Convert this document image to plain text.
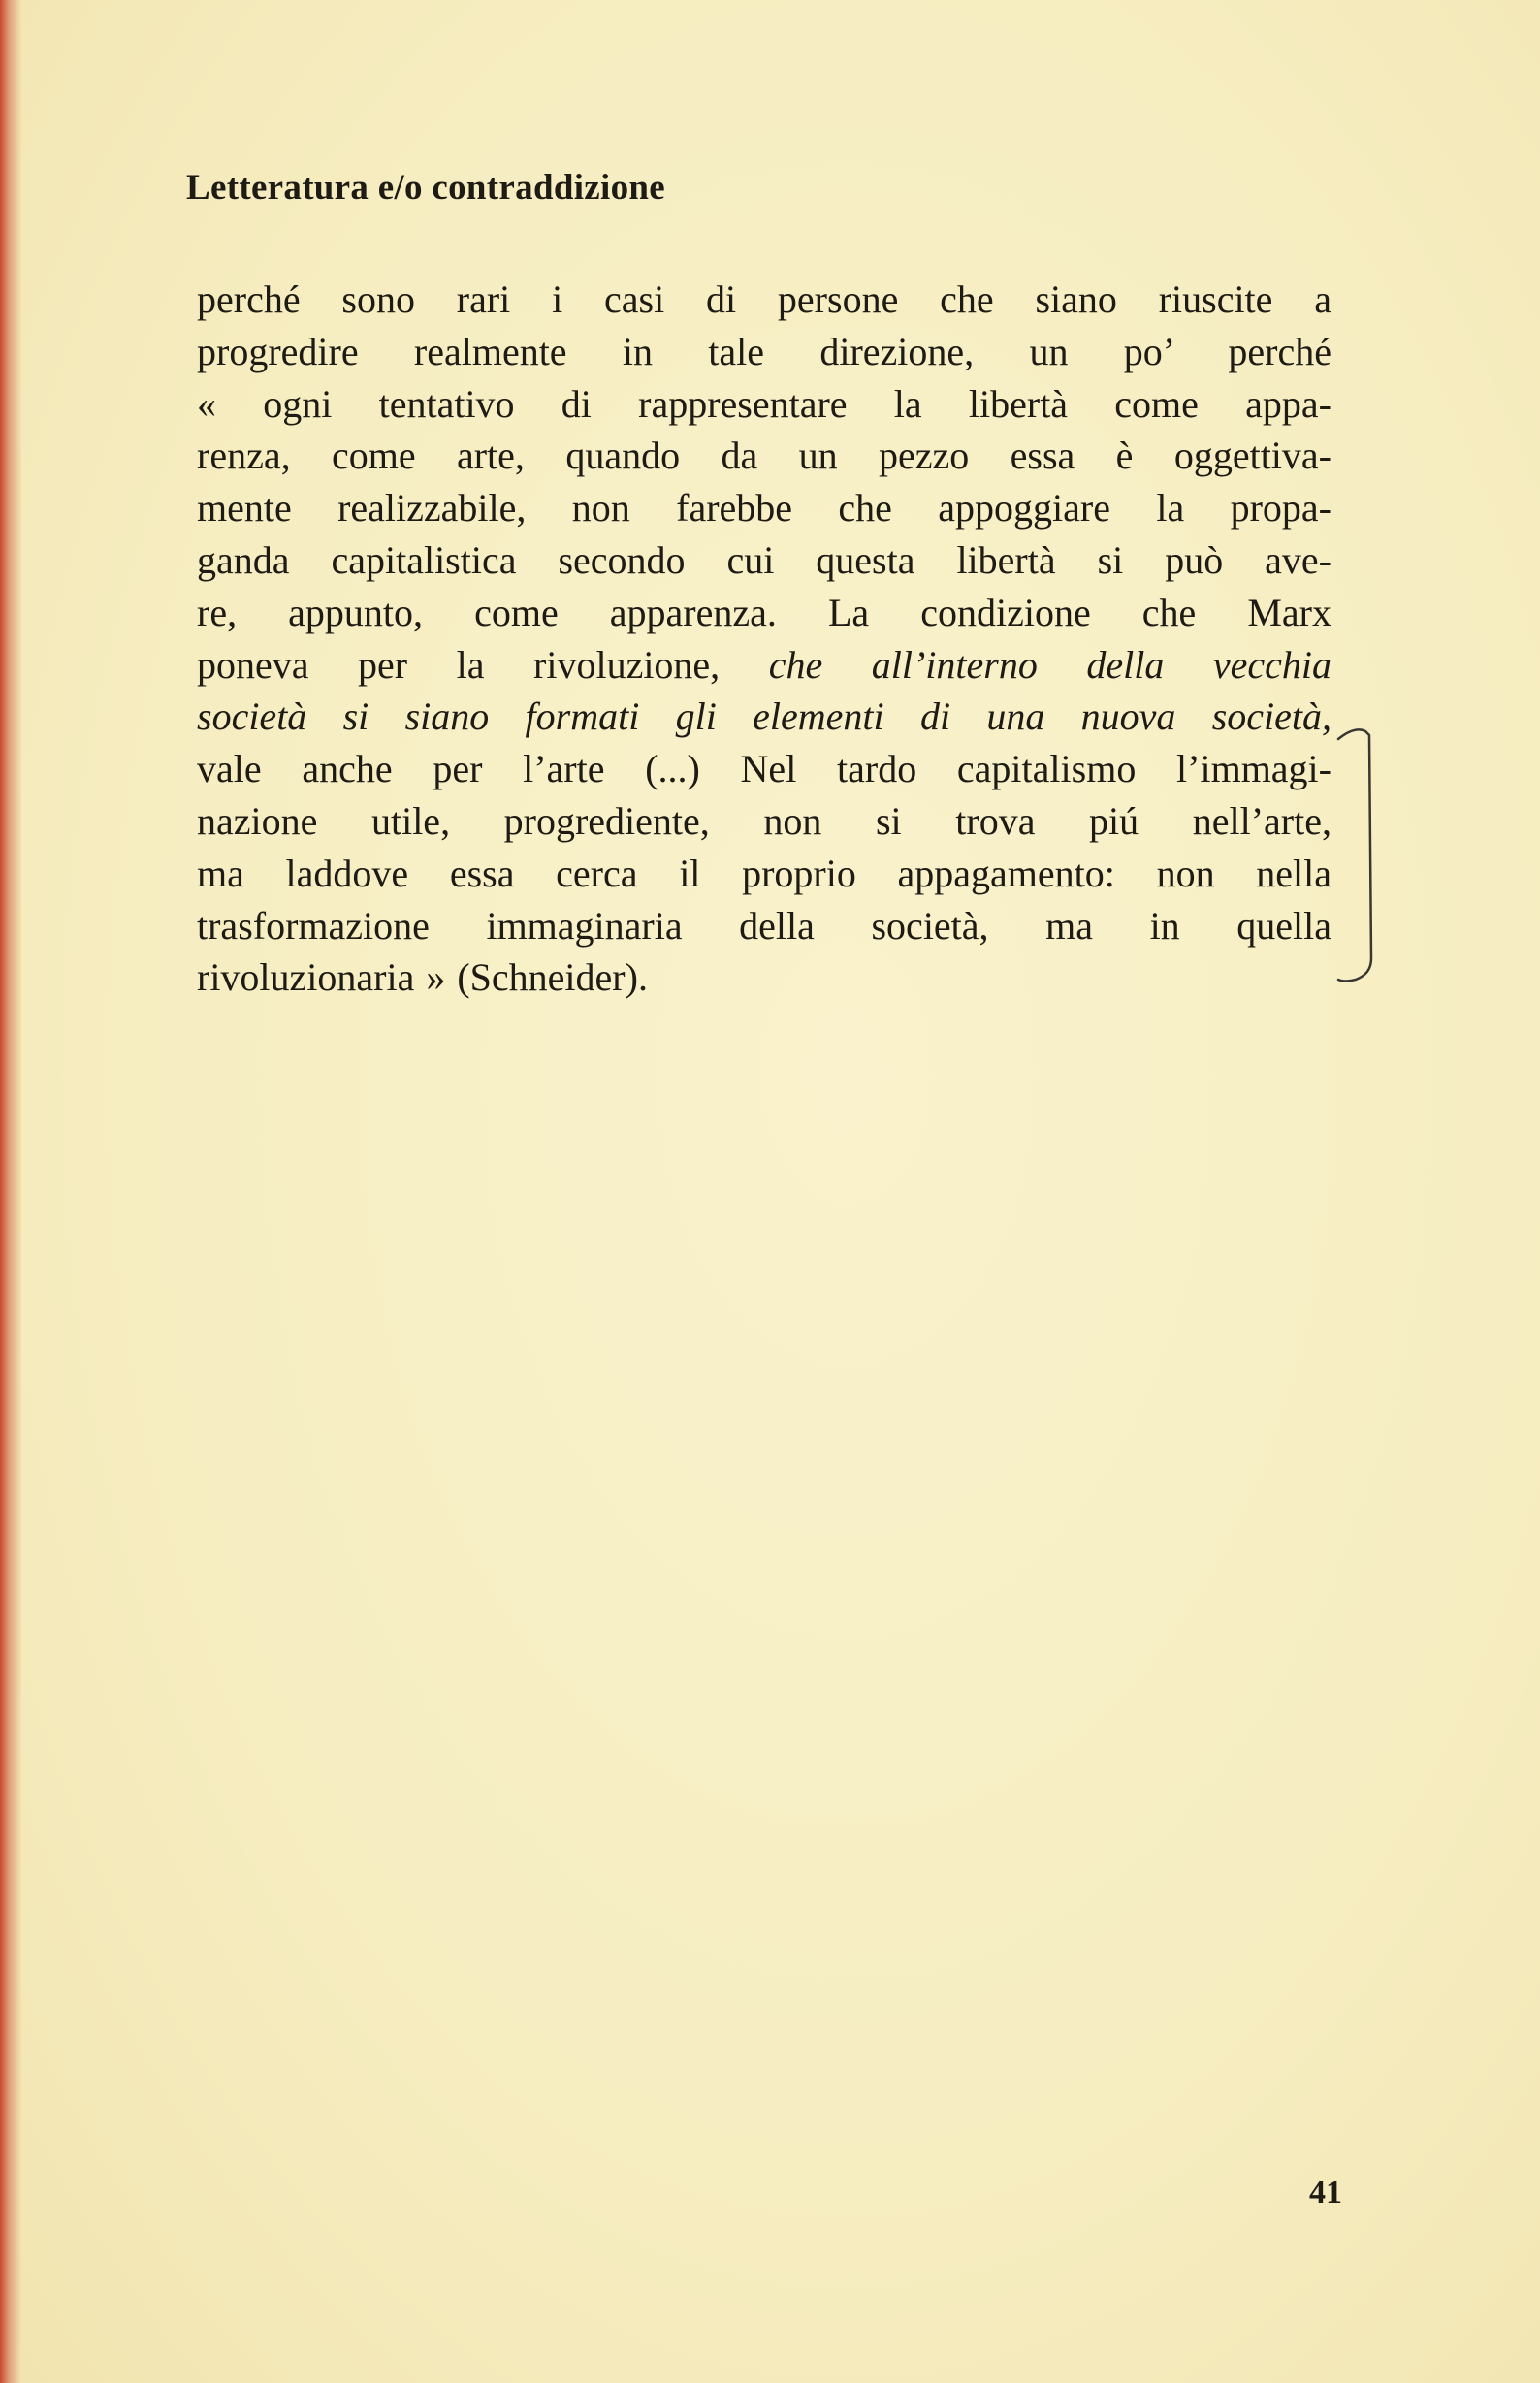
Letteratura e/o contraddizione
perché sono rari i casi di persone che siano riuscite a
progredire realmente in tale direzione, un po’ perché
« ogni tentativo di rappresentare la libertà come appa-
renza, come arte, quando da un pezzo essa è oggettiva-
mente realizzabile, non farebbe che appoggiare la propa-
ganda capitalistica secondo cui questa libertà si può ave-
re, appunto, come apparenza. La condizione che Marx
poneva per la rivoluzione, che all’interno della vecchia
società si siano formati gli elementi di una nuova società,
vale anche per l’arte (...) Nel tardo capitalismo l’immagi-
nazione utile, progrediente, non si trova piú nell’arte,
ma laddove essa cerca il proprio appagamento: non nella
trasformazione immaginaria della società, ma in quella
rivoluzionaria » (Schneider).
41
